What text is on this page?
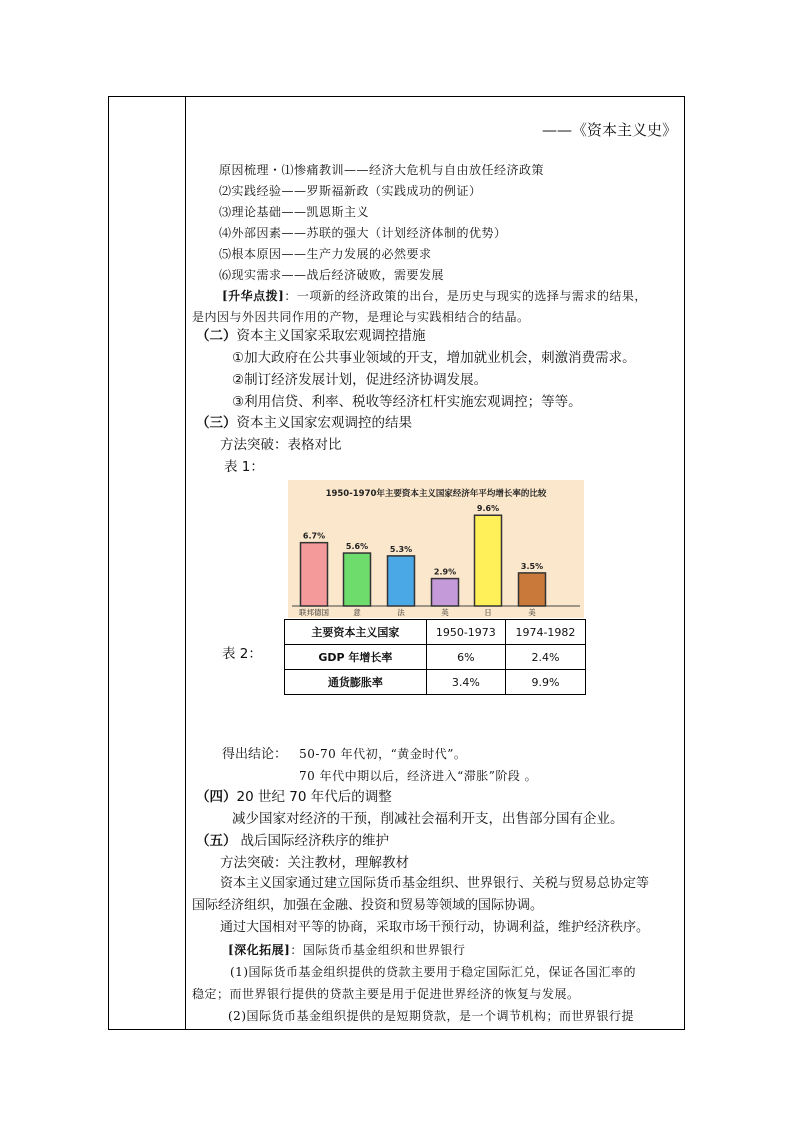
——《资本主义史》
原因梳理・⑴惨痛教训——经济大危机与自由放任经济政策
⑵实践经验——罗斯福新政（实践成功的例证）
⑶理论基础——凯恩斯主义
⑷外部因素——苏联的强大（计划经济体制的优势）
⑸根本原因——生产力发展的必然要求
⑹现实需求——战后经济破败，需要发展
[升华点拨]：一项新的经济政策的出台，是历史与现实的选择与需求的结果，
是内因与外因共同作用的产物，是理论与实践相结合的结晶。
（二）资本主义国家采取宏观调控措施
①加大政府在公共事业领域的开支，增加就业机会，刺激消费需求。
②制订经济发展计划，促进经济协调发展。
③利用信贷、利率、税收等经济杠杆实施宏观调控；等等。
（三）资本主义国家宏观调控的结果
方法突破：表格对比
表 1：
1950-1970年主要资本主义国家经济年平均增长率的比较
6.7%
联邦德国
5.6%
意
5.3%
法
2.9%
英
9.6%
日
3.5%
美
表 2：
主要资本主义国家	1950-1973	1974-1982
GDP 年增长率	6%	2.4%
通货膨胀率	3.4%	9.9%
得出结论： 50-70 年代初，“黄金时代”。
70 年代中期以后，经济进入“滞胀”阶段 。
（四）20 世纪 70 年代后的调整
减少国家对经济的干预，削减社会福利开支，出售部分国有企业。
（五） 战后国际经济秩序的维护
方法突破：关注教材，理解教材
资本主义国家通过建立国际货币基金组织、世界银行、关税与贸易总协定等
国际经济组织，加强在金融、投资和贸易等领域的国际协调。
通过大国相对平等的协商，采取市场干预行动，协调利益，维护经济秩序。
[深化拓展]：国际货币基金组织和世界银行
(1)国际货币基金组织提供的贷款主要用于稳定国际汇兑，保证各国汇率的
稳定；而世界银行提供的贷款主要是用于促进世界经济的恢复与发展。
(2)国际货币基金组织提供的是短期贷款，是一个调节机构；而世界银行提
